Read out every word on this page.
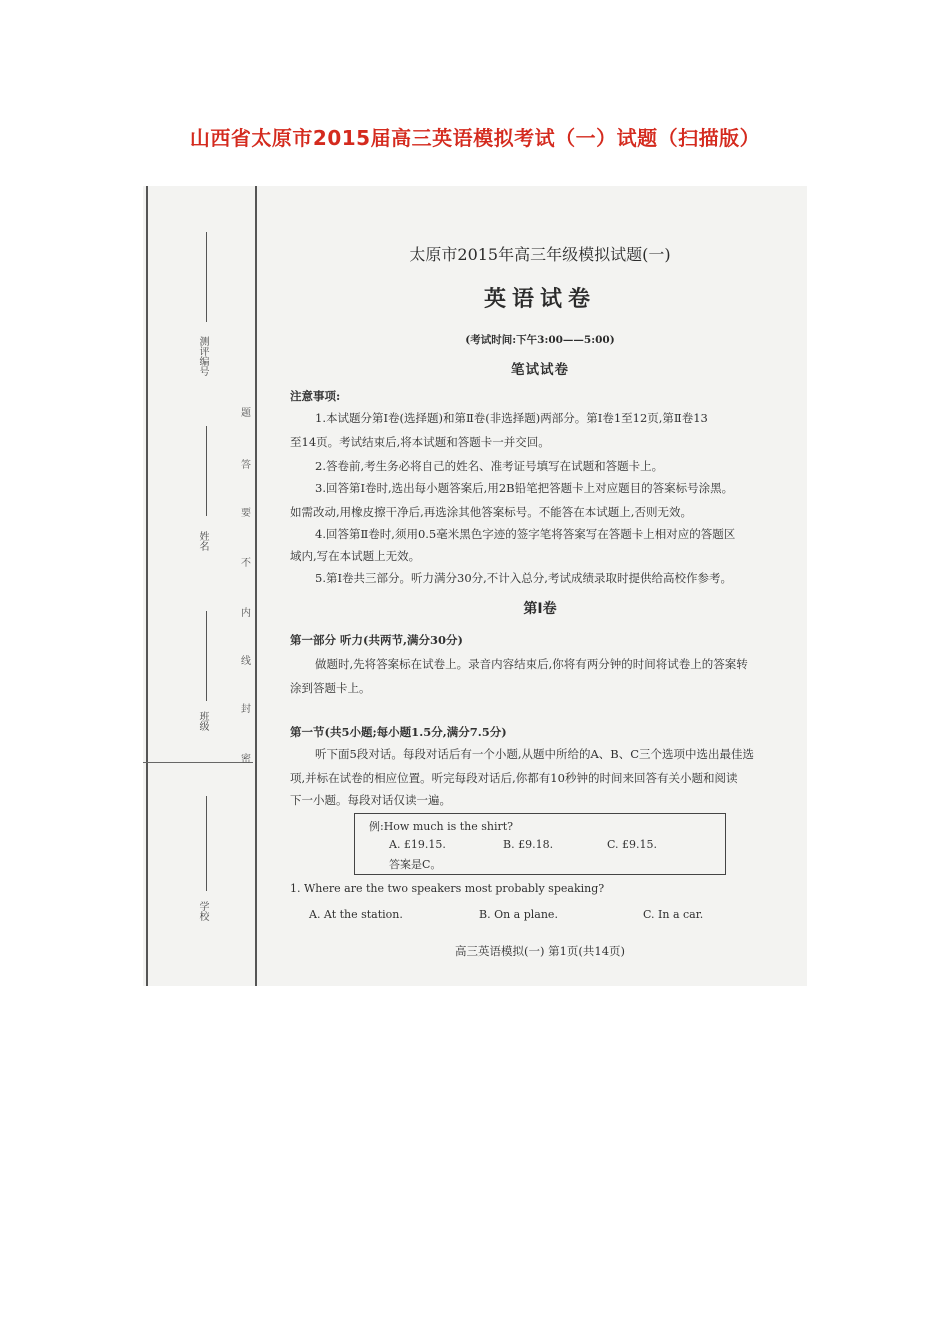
山西省太原市2015届高三英语模拟考试（一）试题（扫描版）
测评编号
姓名
班级
学校
题
答
要
不
内
线
封
密
太原市2015年高三年级模拟试题(一)
英语试卷
(考试时间:下午3:00——5:00)
笔试试卷
注意事项:
1.本试题分第Ⅰ卷(选择题)和第Ⅱ卷(非选择题)两部分。第Ⅰ卷1至12页,第Ⅱ卷13
至14页。考试结束后,将本试题和答题卡一并交回。
2.答卷前,考生务必将自己的姓名、准考证号填写在试题和答题卡上。
3.回答第Ⅰ卷时,选出每小题答案后,用2B铅笔把答题卡上对应题目的答案标号涂黑。
如需改动,用橡皮擦干净后,再选涂其他答案标号。不能答在本试题上,否则无效。
4.回答第Ⅱ卷时,须用0.5毫米黑色字迹的签字笔将答案写在答题卡上相对应的答题区
域内,写在本试题上无效。
5.第Ⅰ卷共三部分。听力满分30分,不计入总分,考试成绩录取时提供给高校作参考。
第Ⅰ卷
第一部分 听力(共两节,满分30分)
做题时,先将答案标在试卷上。录音内容结束后,你将有两分钟的时间将试卷上的答案转
涂到答题卡上。
第一节(共5小题;每小题1.5分,满分7.5分)
听下面5段对话。每段对话后有一个小题,从题中所给的A、B、C三个选项中选出最佳选
项,并标在试卷的相应位置。听完每段对话后,你都有10秒钟的时间来回答有关小题和阅读
下一小题。每段对话仅读一遍。
例:How much is the shirt?
A. £19.15.	B. £9.18.	C. £9.15.
答案是C。
1. Where are the two speakers most probably speaking?
A. At the station.	B. On a plane.	C. In a car.
高三英语模拟(一) 第1页(共14页)
